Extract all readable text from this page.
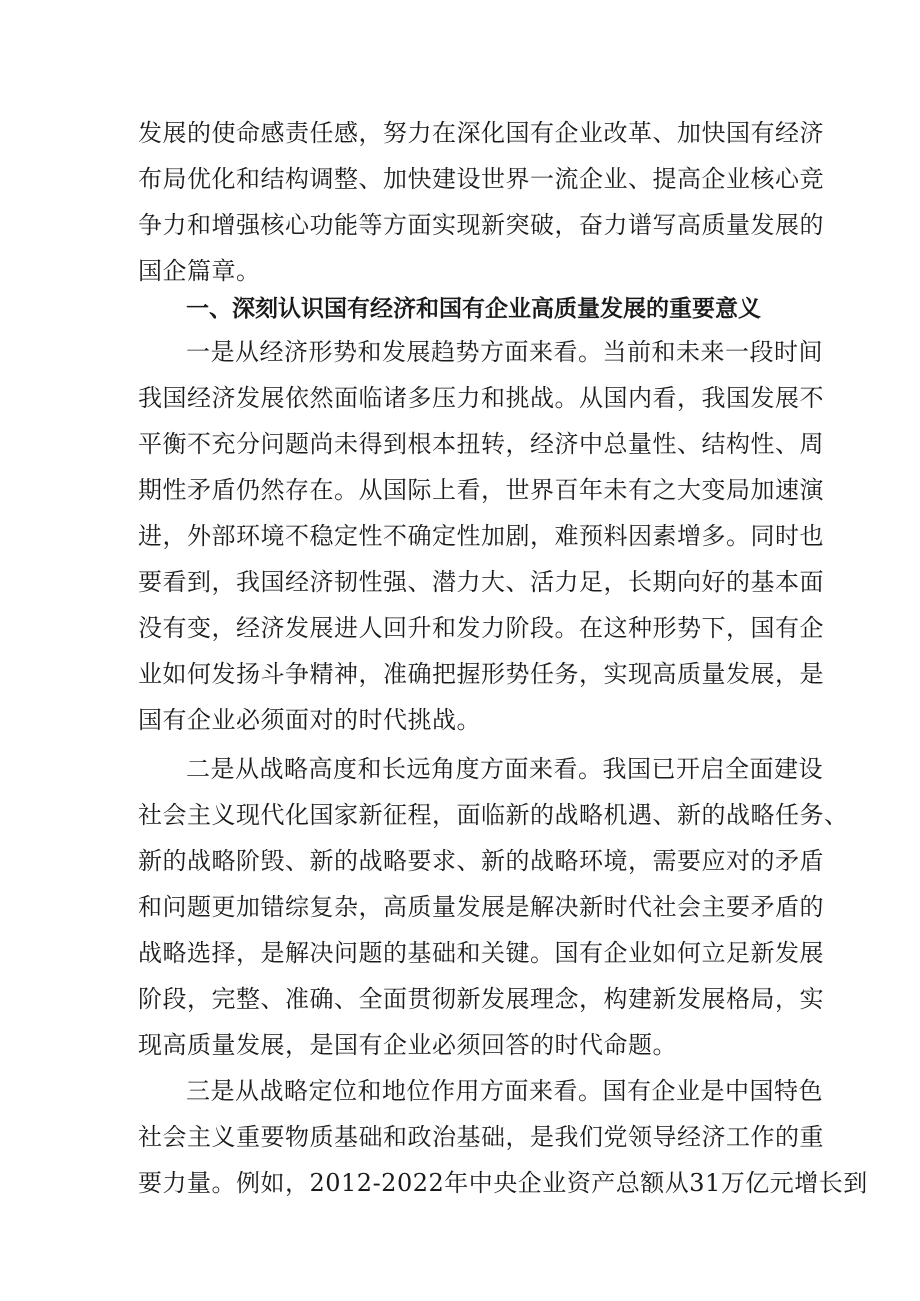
发展的使命感责任感，努力在深化国有企业改革、加快国有经济
布局优化和结构调整、加快建设世界一流企业、提高企业核心竞
争力和增强核心功能等方面实现新突破，奋力谱写高质量发展的
国企篇章。
一、深刻认识国有经济和国有企业高质量发展的重要意义
一是从经济形势和发展趋势方面来看。当前和未来一段时间
我国经济发展依然面临诸多压力和挑战。从国内看，我国发展不
平衡不充分问题尚未得到根本扭转，经济中总量性、结构性、周
期性矛盾仍然存在。从国际上看，世界百年未有之大变局加速演
进，外部环境不稳定性不确定性加剧，难预料因素增多。同时也
要看到，我国经济韧性强、潜力大、活力足，长期向好的基本面
没有变，经济发展进人回升和发力阶段。在这种形势下，国有企
业如何发扬斗争精神，准确把握形势任务，实现高质量发展，是
国有企业必须面对的时代挑战。
二是从战略高度和长远角度方面来看。我国已开启全面建设
社会主义现代化国家新征程，面临新的战略机遇、新的战略任务、
新的战略阶毁、新的战略要求、新的战略环境，需要应对的矛盾
和问题更加错综复杂，高质量发展是解决新时代社会主要矛盾的
战略选择，是解决问题的基础和关键。国有企业如何立足新发展
阶段，完整、准确、全面贯彻新发展理念，构建新发展格局，实
现高质量发展，是国有企业必须回答的时代命题。
三是从战略定位和地位作用方面来看。国有企业是中国特色
社会主义重要物质基础和政治基础，是我们党领导经济工作的重
要力量。例如，2012-2022年中央企业资产总额从31万亿元增长到
